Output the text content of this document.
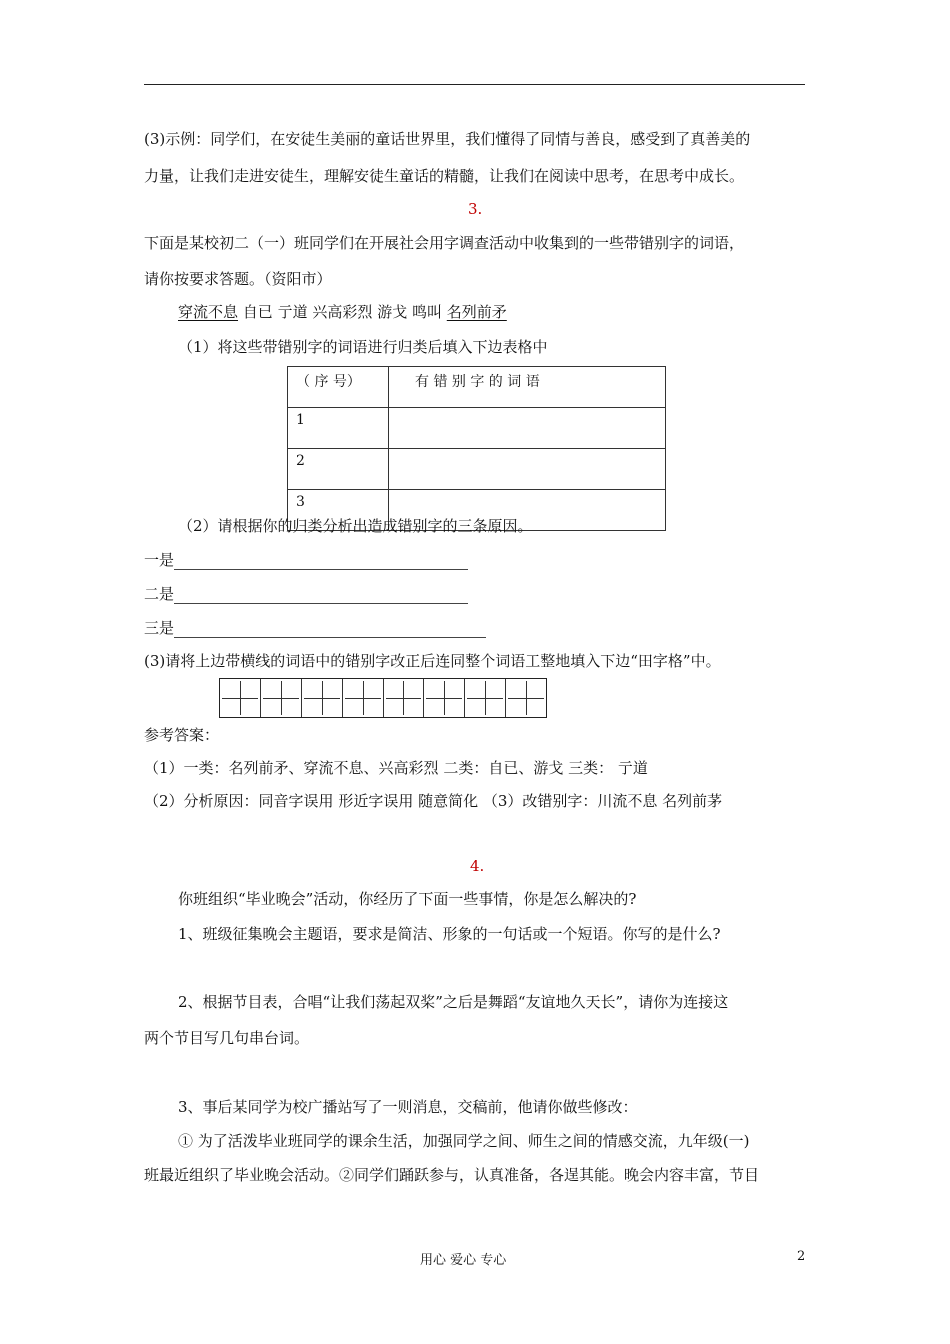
(3)示例：同学们，在安徒生美丽的童话世界里，我们懂得了同情与善良，感受到了真善美的
力量，让我们走进安徒生，理解安徒生童话的精髓，让我们在阅读中思考，在思考中成长。
3.
下面是某校初二（一）班同学们在开展社会用字调查活动中收集到的一些带错别字的词语，
请你按要求答题。（资阳市）
穿流不息 自已 亍道 兴高彩烈 游戈 鸣叫 名列前矛
（1）将这些带错别字的词语进行归类后填入下边表格中
（ 序 号）	有 错 别 字 的 词 语
1	
2	
3	
（2）请根据你的归类分析出造成错别字的三条原因。
一是
二是
三是
(3)请将上边带横线的词语中的错别字改正后连同整个词语工整地填入下边“田字格”中。
参考答案：
（1）一类：名列前矛、穿流不息、兴高彩烈 二类：自已、游戈 三类： 亍道
（2）分析原因：同音字误用 形近字误用 随意简化 （3）改错别字：川流不息 名列前茅
4.
你班组织“毕业晚会”活动，你经历了下面一些事情，你是怎么解决的?
1、班级征集晚会主题语，要求是简洁、形象的一句话或一个短语。你写的是什么?
2、根据节目表，合唱“让我们荡起双桨”之后是舞蹈“友谊地久天长”，请你为连接这
两个节目写几句串台词。
3、事后某同学为校广播站写了一则消息，交稿前，他请你做些修改：
① 为了活泼毕业班同学的课余生活，加强同学之间、师生之间的情感交流，九年级(一)
班最近组织了毕业晚会活动。②同学们踊跃参与，认真准备，各逞其能。晚会内容丰富，节目
用心 爱心 专心	2
